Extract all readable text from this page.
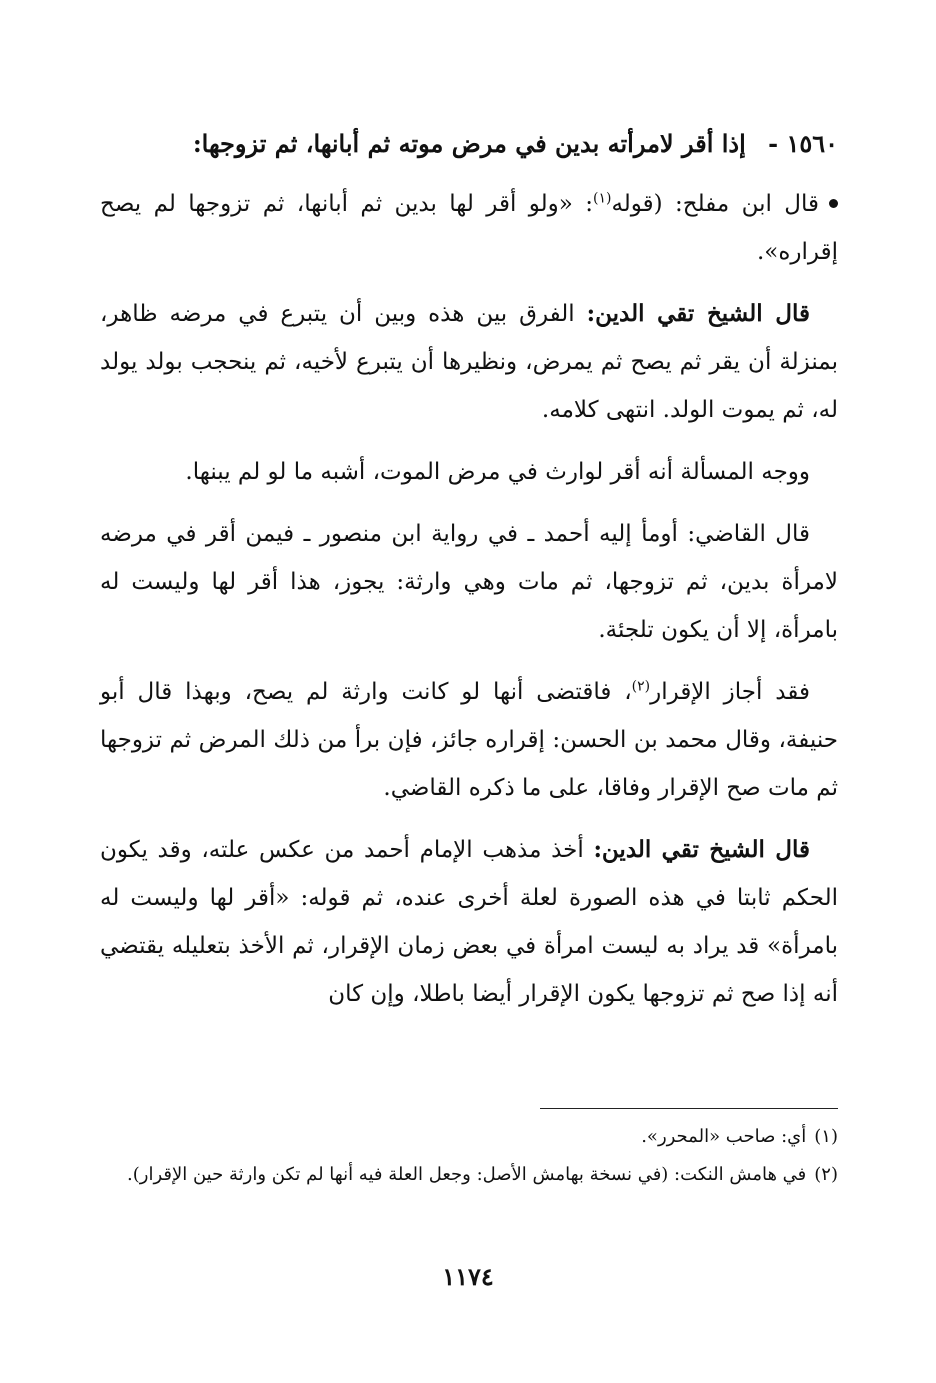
١٥٦٠ - إذا أقر لامرأته بدين في مرض موته ثم أبانها، ثم تزوجها:

قال ابن مفلح: (قوله$^{(١)}$: «ولو أقر لها بدين ثم أبانها، ثم تزوجها لم يصح إقراره».

قال الشيخ تقي الدين: الفرق بين هذه وبين أن يتبرع في مرضه ظاهر، بمنزلة أن يقر ثم يصح ثم يمرض، ونظيرها أن يتبرع لأخيه، ثم ينحجب بولد يولد له، ثم يموت الولد. انتهى كلامه.

ووجه المسألة أنه أقر لوارث في مرض الموت، أشبه ما لو لم يبنها.

قال القاضي: أومأ إليه أحمد ـ في رواية ابن منصور ـ فيمن أقر في مرضه لامرأة بدين، ثم تزوجها، ثم مات وهي وارثة: يجوز، هذا أقر لها وليست له بامرأة، إلا أن يكون تلجئة.

فقد أجاز الإقرار$^{(٢)}$، فاقتضى أنها لو كانت وارثة لم يصح، وبهذا قال أبو حنيفة، وقال محمد بن الحسن: إقراره جائز، فإن برأ من ذلك المرض ثم تزوجها ثم مات صح الإقرار وفاقا، على ما ذكره القاضي.

قال الشيخ تقي الدين: أخذ مذهب الإمام أحمد من عكس علته، وقد يكون الحكم ثابتا في هذه الصورة لعلة أخرى عنده، ثم قوله: «أقر لها وليست له بامرأة» قد يراد به ليست امرأة في بعض زمان الإقرار، ثم الأخذ بتعليله يقتضي أنه إذا صح ثم تزوجها يكون الإقرار أيضا باطلا، وإن كان

(١)أي: صاحب «المحرر».

(٢)في هامش النكت: (في نسخة بهامش الأصل: وجعل العلة فيه أنها لم تكن وارثة حين الإقرار).

١١٧٤
